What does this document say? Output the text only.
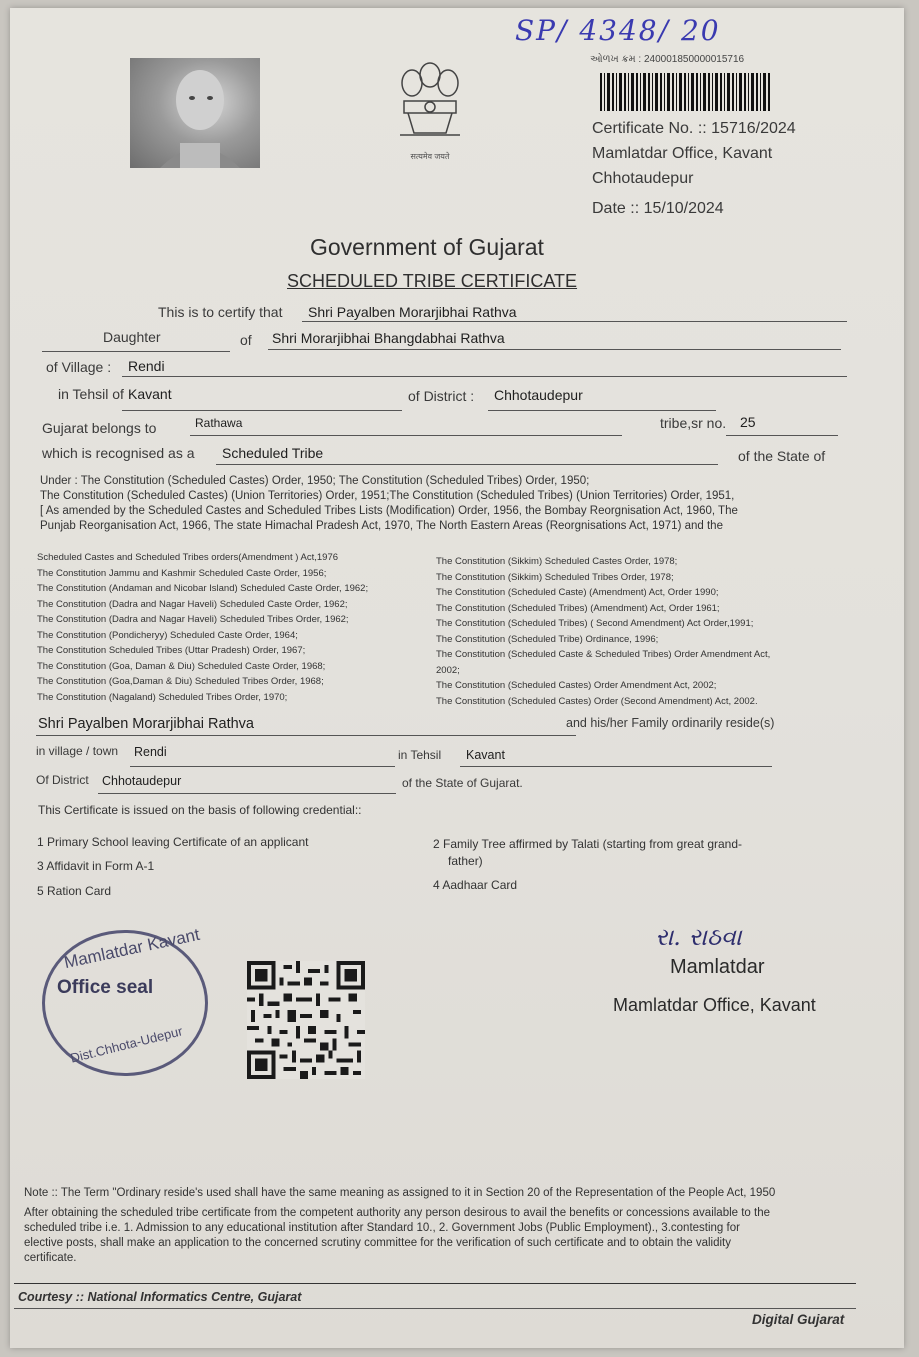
SP/ 4348/ 20
सत्यमेव जयते
ઓળખ ક્રમ : 240001850000015716
Certificate No. :: 15716/2024
Mamlatdar Office, Kavant
Chhotaudepur
Date :: 15/10/2024
Government of Gujarat
SCHEDULED TRIBE CERTIFICATE
This is to certify that Shri Payalben Morarjibhai Rathva
Daughter	of Shri Morarjibhai Bhangdabhai Rathva
of Village : Rendi
in Tehsil of Kavant	of District : Chhotaudepur
Gujarat belongs to	Rathawa	tribe,sr no. 25
which is recognised as a Scheduled Tribe	of the State of
Under : The Constitution (Scheduled Castes) Order, 1950; The Constitution (Scheduled Tribes) Order, 1950;
The Constitution (Scheduled Castes) (Union Territories) Order, 1951;The Constitution (Scheduled Tribes) (Union Territories) Order, 1951,
[ As amended by the Scheduled Castes and Scheduled Tribes Lists (Modification) Order, 1956, the Bombay Reorgnisation Act, 1960, The
Punjab Reorganisation Act, 1966, The state Himachal Pradesh Act, 1970, The North Eastern Areas (Reorgnisations Act, 1971) and the
Scheduled Castes and Scheduled Tribes orders(Amendment ) Act,1976
The Constitution Jammu and Kashmir Scheduled Caste Order, 1956;
The Constitution (Andaman and Nicobar Island) Scheduled Caste Order, 1962;
The Constitution (Dadra and Nagar Haveli) Scheduled Caste Order, 1962;
The Constitution (Dadra and Nagar Haveli) Scheduled Tribes Order, 1962;
The Constitution (Pondicheryy) Scheduled Caste Order, 1964;
The Constitution Scheduled Tribes (Uttar Pradesh) Order, 1967;
The Constitution (Goa, Daman & Diu) Scheduled Caste Order, 1968;
The Constitution (Goa,Daman & Diu) Scheduled Tribes Order, 1968;
The Constitution (Nagaland) Scheduled Tribes Order, 1970;
The Constitution (Sikkim) Scheduled Castes Order, 1978;
The Constitution (Sikkim) Scheduled Tribes Order, 1978;
The Constitution (Scheduled Caste) (Amendment) Act, Order 1990;
The Constitution (Scheduled Tribes) (Amendment) Act, Order 1961;
The Constitution (Scheduled Tribes) ( Second Amendment) Act Order,1991;
The Constitution (Scheduled Tribe) Ordinance, 1996;
The Constitution (Scheduled Caste & Scheduled Tribes) Order Amendment Act,
2002;
The Constitution (Scheduled Castes) Order Amendment Act, 2002;
The Constitution (Scheduled Castes) Order (Second Amendment) Act, 2002.
Shri Payalben Morarjibhai Rathva	and his/her Family ordinarily reside(s)
in village / town Rendi	in Tehsil Kavant
Of District Chhotaudepur	of the State of Gujarat.
This Certificate is issued on the basis of following credential::
1 Primary School leaving Certificate of an applicant	2 Family Tree affirmed by Talati (starting from great grand-
father)
3 Affidavit in Form A-1
4 Aadhaar Card
5 Ration Card
Mamlatdar Kavant
Office seal
Dist.Chhota-Udepur
રા. રાઠવા
Mamlatdar
Mamlatdar Office, Kavant
Note :: The Term "Ordinary reside's used shall have the same meaning as assigned to it in Section 20 of the Representation of the People Act, 1950
After obtaining the scheduled tribe certificate from the competent authority any person desirous to avail the benefits or concessions available to the
scheduled tribe i.e. 1. Admission to any educational institution after Standard 10., 2. Government Jobs (Public Employment)., 3.contesting for
elective posts, shall make an application to the concerned scrutiny committee for the verification of such certificate and to obtain the validity
certificate.
Courtesy :: National Informatics Centre, Gujarat
Digital Gujarat
